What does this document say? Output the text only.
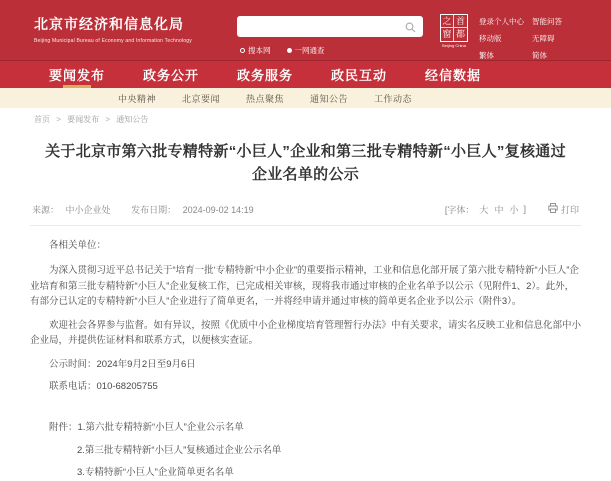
北京市经济和信息化局
Beijing Municipal Bureau of Economy and Information Technology
搜本网	一网通查
之 首
窗 都
Beijing·China
登录个人中心
移动版
繁体
智能问答
无障碍
简体
要闻发布	政务公开	政务服务	政民互动	经信数据
中央精神	北京要闻	热点聚焦	通知公告	工作动态
首页 > 要闻发布 > 通知公告
关于北京市第六批专精特新“小巨人”企业和第三批专精特新“小巨人”复核通过企业名单的公示
来源： 中小企业处 发布日期： 2024-09-02 14:19	[字体： 大 中 小 ]	打印

各相关单位：

为深入贯彻习近平总书记关于“培育一批‘专精特新’中小企业”的重要指示精神，工业和信息化部开展了第六批专精特新“小巨人”企业培育和第三批专精特新“小巨人”企业复核工作，已完成相关审核，现将我市通过审核的企业名单予以公示（见附件1、2）。此外，有部分已认定的专精特新“小巨人”企业进行了简单更名，一并将经申请并通过审核的简单更名企业予以公示（附件3）。

欢迎社会各界参与监督。如有异议，按照《优质中小企业梯度培育管理暂行办法》中有关要求，请实名反映工业和信息化部中小企业局，并提供佐证材料和联系方式，以便核实查证。

公示时间：2024年9月2日至9月6日

联系电话：010-68205755

附件：1.第六批专精特新“小巨人”企业公示名单
2.第三批专精特新“小巨人”复核通过企业公示名单
3.专精特新“小巨人”企业简单更名名单
